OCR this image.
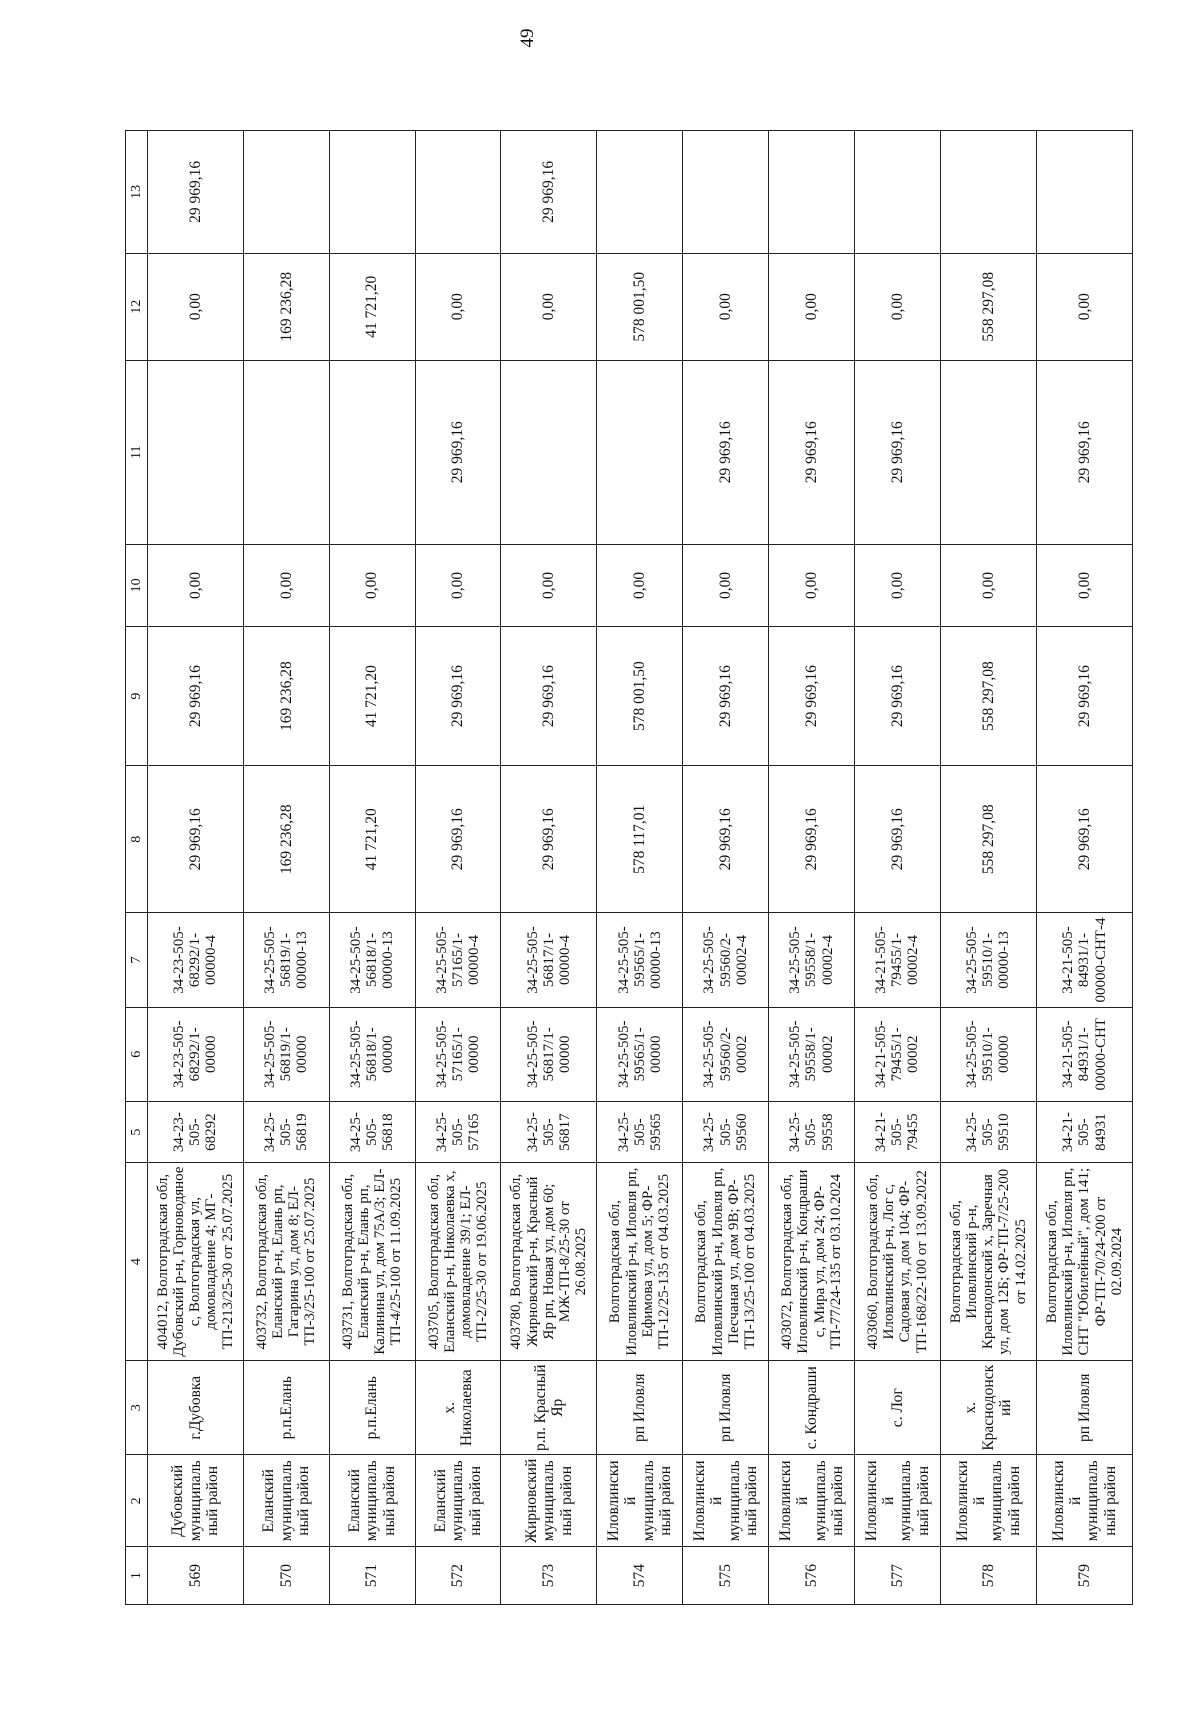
49
1	2	3	4	5	6	7	8	9	10	11	12	13
569	Дубовский муниципальный район	г.Дубовка	404012, Волгоградская обл, Дубовский р-н, Горноводяное с, Волгоградская ул, домовладение 4; МГ-ТП-213/25-30 от 25.07.2025	34-23-505-68292	34-23-505-68292/1-00000	34-23-505-68292/1-00000-4	29 969,16	29 969,16	0,00		0,00	29 969,16
570	Еланский муниципальный район	р.п.Елань	403732, Волгоградская обл, Еланский р-н, Елань рп, Гагарина ул, дом 8; ЕЛ-ТП-3/25-100 от 25.07.2025	34-25-505-56819	34-25-505-56819/1-00000	34-25-505-56819/1-00000-13	169 236,28	169 236,28	0,00		169 236,28	
571	Еланский муниципальный район	р.п.Елань	403731, Волгоградская обл, Еланский р-н, Елань рп, Калинина ул, дом 75А/3; ЕЛ-ТП-4/25-100 от 11.09.2025	34-25-505-56818	34-25-505-56818/1-00000	34-25-505-56818/1-00000-13	41 721,20	41 721,20	0,00		41 721,20	
572	Еланский муниципальный район	х. Николаевка	403705, Волгоградская обл, Еланский р-н, Николаевка х, домовладение 39/1; ЕЛ-ТП-2/25-30 от 19.06.2025	34-25-505-57165	34-25-505-57165/1-00000	34-25-505-57165/1-00000-4	29 969,16	29 969,16	0,00	29 969,16	0,00	
573	Жирновский муниципальный район	р.п. Красный Яр	403780, Волгоградская обл, Жирновский р-н, Красный Яр рп, Новая ул, дом 60; МЖ-ТП-8/25-30 от 26.08.2025	34-25-505-56817	34-25-505-56817/1-00000	34-25-505-56817/1-00000-4	29 969,16	29 969,16	0,00		0,00	29 969,16
574	Иловлинский муниципальный район	рп Иловля	Волгоградская обл, Иловлинский р-н, Иловля рп, Ефимова ул, дом 5; ФР-ТП-12/25-135 от 04.03.2025	34-25-505-59565	34-25-505-59565/1-00000	34-25-505-59565/1-00000-13	578 117,01	578 001,50	0,00		578 001,50	
575	Иловлинский муниципальный район	рп Иловля	Волгоградская обл, Иловлинский р-н, Иловля рп, Песчаная ул, дом 9В; ФР-ТП-13/25-100 от 04.03.2025	34-25-505-59560	34-25-505-59560/2-00002	34-25-505-59560/2-00002-4	29 969,16	29 969,16	0,00	29 969,16	0,00	
576	Иловлинский муниципальный район	с. Кондраши	403072, Волгоградская обл, Иловлинский р-н, Кондраши с, Мира ул, дом 24; ФР-ТП-77/24-135 от 03.10.2024	34-25-505-59558	34-25-505-59558/1-00002	34-25-505-59558/1-00002-4	29 969,16	29 969,16	0,00	29 969,16	0,00	
577	Иловлинский муниципальный район	с. Лог	403060, Волгоградская обл, Иловлинский р-н, Лог с, Садовая ул, дом 104; ФР-ТП-168/22-100 от 13.09.2022	34-21-505-79455	34-21-505-79455/1-00002	34-21-505-79455/1-00002-4	29 969,16	29 969,16	0,00	29 969,16	0,00	
578	Иловлинский муниципальный район	х. Краснодонский	Волгоградская обл, Иловлинский р-н, Краснодонский х, Заречная ул, дом 12Б; ФР-ТП-7/25-200 от 14.02.2025	34-25-505-59510	34-25-505-59510/1-00000	34-25-505-59510/1-00000-13	558 297,08	558 297,08	0,00		558 297,08	
579	Иловлинский муниципальный район	рп Иловля	Волгоградская обл, Иловлинский р-н, Иловля рп, СНТ "Юбилейный", дом 141; ФР-ТП-70/24-200 от 02.09.2024	34-21-505-84931	34-21-505-84931/1-00000-СНТ	34-21-505-84931/1-00000-СНТ-4	29 969,16	29 969,16	0,00	29 969,16	0,00	
